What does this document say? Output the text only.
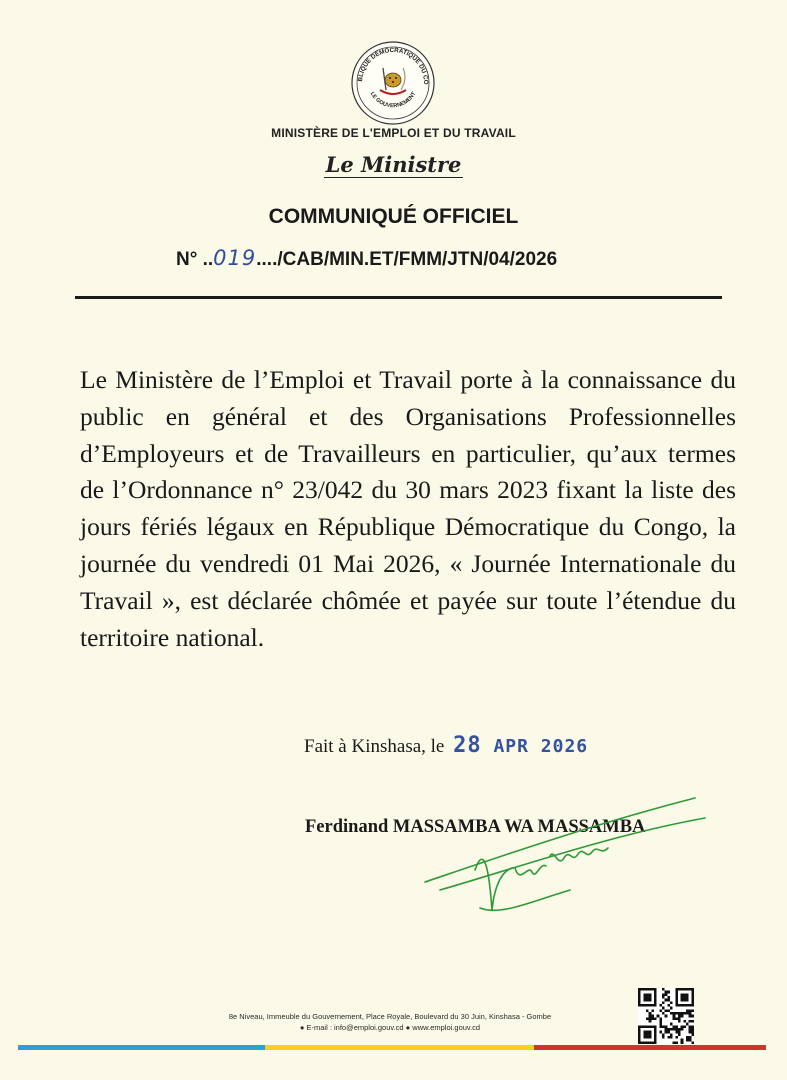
BLIQUE DÉMOCRATIQUE DU CO
LE GOUVERNEMENT
MINISTÈRE DE L'EMPLOI ET DU TRAVAIL
Le Ministre
COMMUNIQUÉ OFFICIEL
N° ..019..../CAB/MIN.ET/FMM/JTN/04/2026

Le Ministère de l’Emploi et Travail porte à la connaissance du public en général et des Organisations Professionnelles d’Employeurs et de Travailleurs en particulier, qu’aux termes de l’Ordonnance n° 23/042 du 30 mars 2023 fixant la liste des jours fériés légaux en République Démocratique du Congo, la journée du vendredi 01 Mai 2026, « Journée Internationale du Travail », est déclarée chômée et payée sur toute l’étendue du territoire national.

Fait à Kinshasa, le 28 APR 2026
Ferdinand MASSAMBA WA MASSAMBA
8e Niveau, Immeuble du Gouvernement, Place Royale, Boulevard du 30 Juin, Kinshasa - Gombe
● E-mail : info@emploi.gouv.cd ● www.emploi.gouv.cd
